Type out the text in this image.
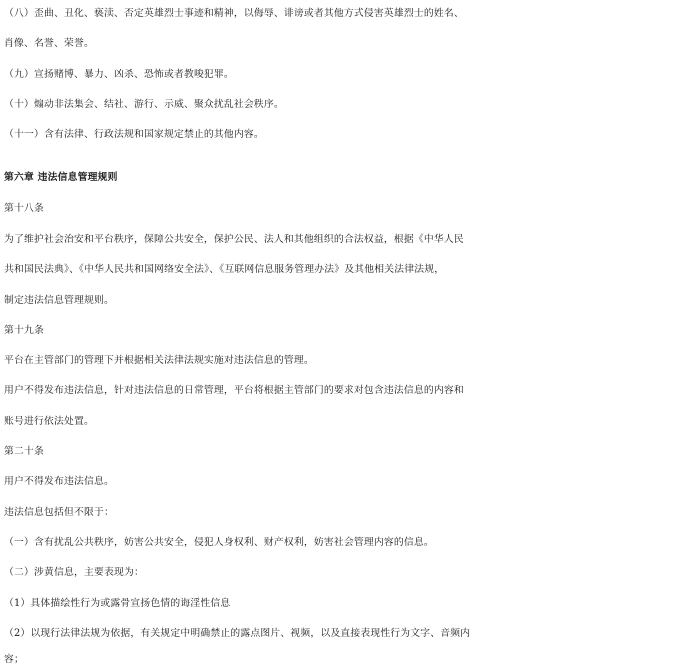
（八）歪曲、丑化、亵渎、否定英雄烈士事迹和精神，以侮辱、诽谤或者其他方式侵害英雄烈士的姓名、
肖像、名誉、荣誉。
（九）宣扬赌博、暴力、凶杀、恐怖或者教唆犯罪。
（十）煽动非法集会、结社、游行、示威、聚众扰乱社会秩序。
（十一）含有法律、行政法规和国家规定禁止的其他内容。
第六章 违法信息管理规则
第十八条
为了维护社会治安和平台秩序，保障公共安全，保护公民、法人和其他组织的合法权益，根据《中华人民
共和国民法典》、《中华人民共和国网络安全法》、《互联网信息服务管理办法》及其他相关法律法规，
制定违法信息管理规则。
第十九条
平台在主管部门的管理下并根据相关法律法规实施对违法信息的管理。
用户不得发布违法信息，针对违法信息的日常管理，平台将根据主管部门的要求对包含违法信息的内容和
账号进行依法处置。
第二十条
用户不得发布违法信息。
违法信息包括但不限于：
（一）含有扰乱公共秩序，妨害公共安全，侵犯人身权利、财产权利，妨害社会管理内容的信息。
（二）涉黄信息，主要表现为：
（1）具体描绘性行为或露骨宣扬色情的诲淫性信息
（2）以现行法律法规为依据，有关规定中明确禁止的露点图片、视频，以及直接表现性行为文字、音频内
容；
